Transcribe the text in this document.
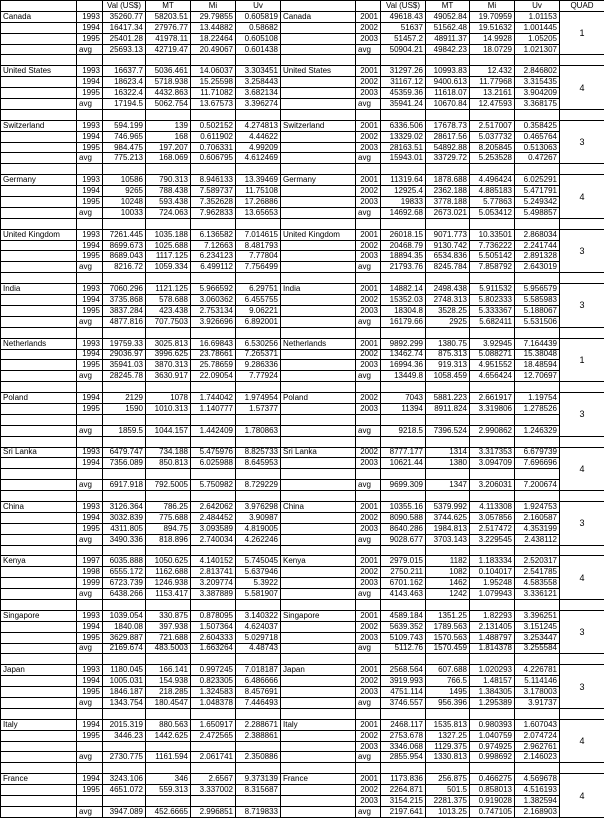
		Val (US$)	MT	Mi	Uv			Val (US$)	MT	Mi	Uv	QUAD
Canada	1993	35260.77	58203.51	29.79855	0.605819	Canada	2001	49618.43	49052.84	19.70959	1.01153	1
	1994	16417.34	27976.77	13.44882	0.58682		2002	51637	51562.48	19.51632	1.001445	
	1995	25401.28	41978.11	18.22464	0.605108		2003	51457.2	48911.37	14.9928	1.05205	
	avg	25693.13	42719.47	20.49067	0.601438		avg	50904.21	49842.23	18.0729	1.021307	

United States	1993	16637.7	5036.461	14.06037	3.303451	United States	2001	31297.26	10993.83	12.432	2.846802	4
	1994	18623.4	5718.938	15.25598	3.258443		2002	31167.12	9400.613	11.77968	3.315435	
	1995	16322.4	4432.863	11.71082	3.682134		2003	45359.36	11618.07	13.2161	3.904209	
	avg	17194.5	5062.754	13.67573	3.396274		avg	35941.24	10670.84	12.47593	3.368175	

Switzerland	1993	594.199	139	0.502152	4.274813	Switzerland	2001	6336.506	17678.73	2.517007	0.358425	3
	1994	746.965	168	0.611902	4.44622		2002	13329.02	28617.56	5.037732	0.465764	
	1995	984.475	197.207	0.706331	4.99209		2003	28163.51	54892.88	8.205845	0.513063	
	avg	775.213	168.069	0.606795	4.612469		avg	15943.01	33729.72	5.253528	0.47267	

Germany	1993	10586	790.313	8.946133	13.39469	Germany	2001	11319.64	1878.688	4.496424	6.025291	4
	1994	9265	788.438	7.589737	11.75108		2002	12925.4	2362.188	4.885183	5.471791	
	1995	10248	593.438	7.352628	17.26886		2003	19833	3778.188	5.77863	5.249342	
	avg	10033	724.063	7.962833	13.65653		avg	14692.68	2673.021	5.053412	5.498857	

United Kingdom	1993	7261.445	1035.188	6.136582	7.014615	United Kingdom	2001	26018.15	9071.773	10.33501	2.868034	3
	1994	8699.673	1025.688	7.12663	8.481793		2002	20468.79	9130.742	7.736222	2.241744	
	1995	8689.043	1117.125	6.234123	7.77804		2003	18894.35	6534.836	5.505142	2.891328	
	avg	8216.72	1059.334	6.499112	7.756499		avg	21793.76	8245.784	7.858792	2.643019	

India	1993	7060.296	1121.125	5.966592	6.29751	India	2001	14882.14	2498.438	5.911532	5.956579	3
	1994	3735.868	578.688	3.060362	6.455755		2002	15352.03	2748.313	5.802333	5.585983	
	1995	3837.284	423.438	2.753134	9.06221		2003	18304.8	3528.25	5.333367	5.188067	
	avg	4877.816	707.7503	3.926696	6.892001		avg	16179.66	2925	5.682411	5.531506	

Netherlands	1993	19759.33	3025.813	16.69843	6.530256	Netherlands	2001	9892.299	1380.75	3.92945	7.164439	1
	1994	29036.97	3996.625	23.78661	7.265371		2002	13462.74	875.313	5.088271	15.38048	
	1995	35941.03	3870.313	25.78659	9.286336		2003	16994.36	919.313	4.951552	18.48594	
	avg	28245.78	3630.917	22.09054	7.77924		avg	13449.8	1058.459	4.656424	12.70697	

Poland	1994	2129	1078	1.744042	1.974954	Poland	2002	7043	5881.223	2.661917	1.19754	3
	1995	1590	1010.313	1.140777	1.57377		2003	11394	8911.824	3.319806	1.278526	

	avg	1859.5	1044.157	1.442409	1.780863		avg	9218.5	7396.524	2.990862	1.246329	

Sri Lanka	1993	6479.747	734.188	5.475976	8.825733	Sri Lanka	2002	8777.177	1314	3.317353	6.679739	4
	1994	7356.089	850.813	6.025988	8.645953		2003	10621.44	1380	3.094709	7.696696	

	avg	6917.918	792.5005	5.750982	8.729229		avg	9699.309	1347	3.206031	7.200674	

China	1993	3126.364	786.25	2.642062	3.976298	China	2001	10355.16	5379.992	4.113308	1.924753	3
	1994	3032.839	775.688	2.484452	3.90987		2002	8090.588	3744.625	3.057856	2.160587	
	1995	4311.805	894.75	3.093589	4.819005		2003	8640.286	1984.813	2.517472	4.353199	
	avg	3490.336	818.896	2.740034	4.262246		avg	9028.677	3703.143	3.229545	2.438112	

Kenya	1997	6035.888	1050.625	4.140152	5.745045	Kenya	2001	2979.015	1182	1.183334	2.520317	4
	1998	6555.172	1162.688	2.813741	5.637946		2002	2750.211	1082	0.104017	2.541785	
	1999	6723.739	1246.938	3.209774	5.3922		2003	6701.162	1462	1.95248	4.583558	
	avg	6438.266	1153.417	3.387889	5.581907		avg	4143.463	1242	1.079943	3.336121	

Singapore	1993	1039.054	330.875	0.878095	3.140322	Singapore	2001	4589.184	1351.25	1.82293	3.396251	3
	1994	1840.08	397.938	1.507364	4.624037		2002	5639.352	1789.563	2.131405	3.151245	
	1995	3629.887	721.688	2.604333	5.029718		2003	5109.743	1570.563	1.488797	3.253447	
	avg	2169.674	483.5003	1.663264	4.48743		avg	5112.76	1570.459	1.814378	3.255584	

Japan	1993	1180.045	166.141	0.997245	7.018187	Japan	2001	2568.564	607.688	1.020293	4.226781	3
	1994	1005.031	154.938	0.823305	6.486666		2002	3919.993	766.5	1.48157	5.114146	
	1995	1846.187	218.285	1.324583	8.457691		2003	4751.114	1495	1.384305	3.178003	
	avg	1343.754	180.4547	1.048378	7.446493		avg	3746.557	956.396	1.295389	3.91737	

Italy	1994	2015.319	880.563	1.650917	2.288671	Italy	2001	2468.117	1535.813	0.980393	1.607043	4
	1995	3446.23	1442.625	2.472565	2.388861		2002	2753.678	1327.25	1.040759	2.074724	
							2003	3346.068	1129.375	0.974925	2.962761	
	avg	2730.775	1161.594	2.061741	2.350886		avg	2855.954	1330.813	0.998692	2.146023	

France	1994	3243.106	346	2.6567	9.373139	France	2001	1173.836	256.875	0.466275	4.569678	4
	1995	4651.072	559.313	3.337002	8.315687		2002	2264.871	501.5	0.858013	4.516193	
							2003	3154.215	2281.375	0.919028	1.382594	
	avg	3947.089	452.6665	2.996851	8.719833		avg	2197.641	1013.25	0.747105	2.168903	
